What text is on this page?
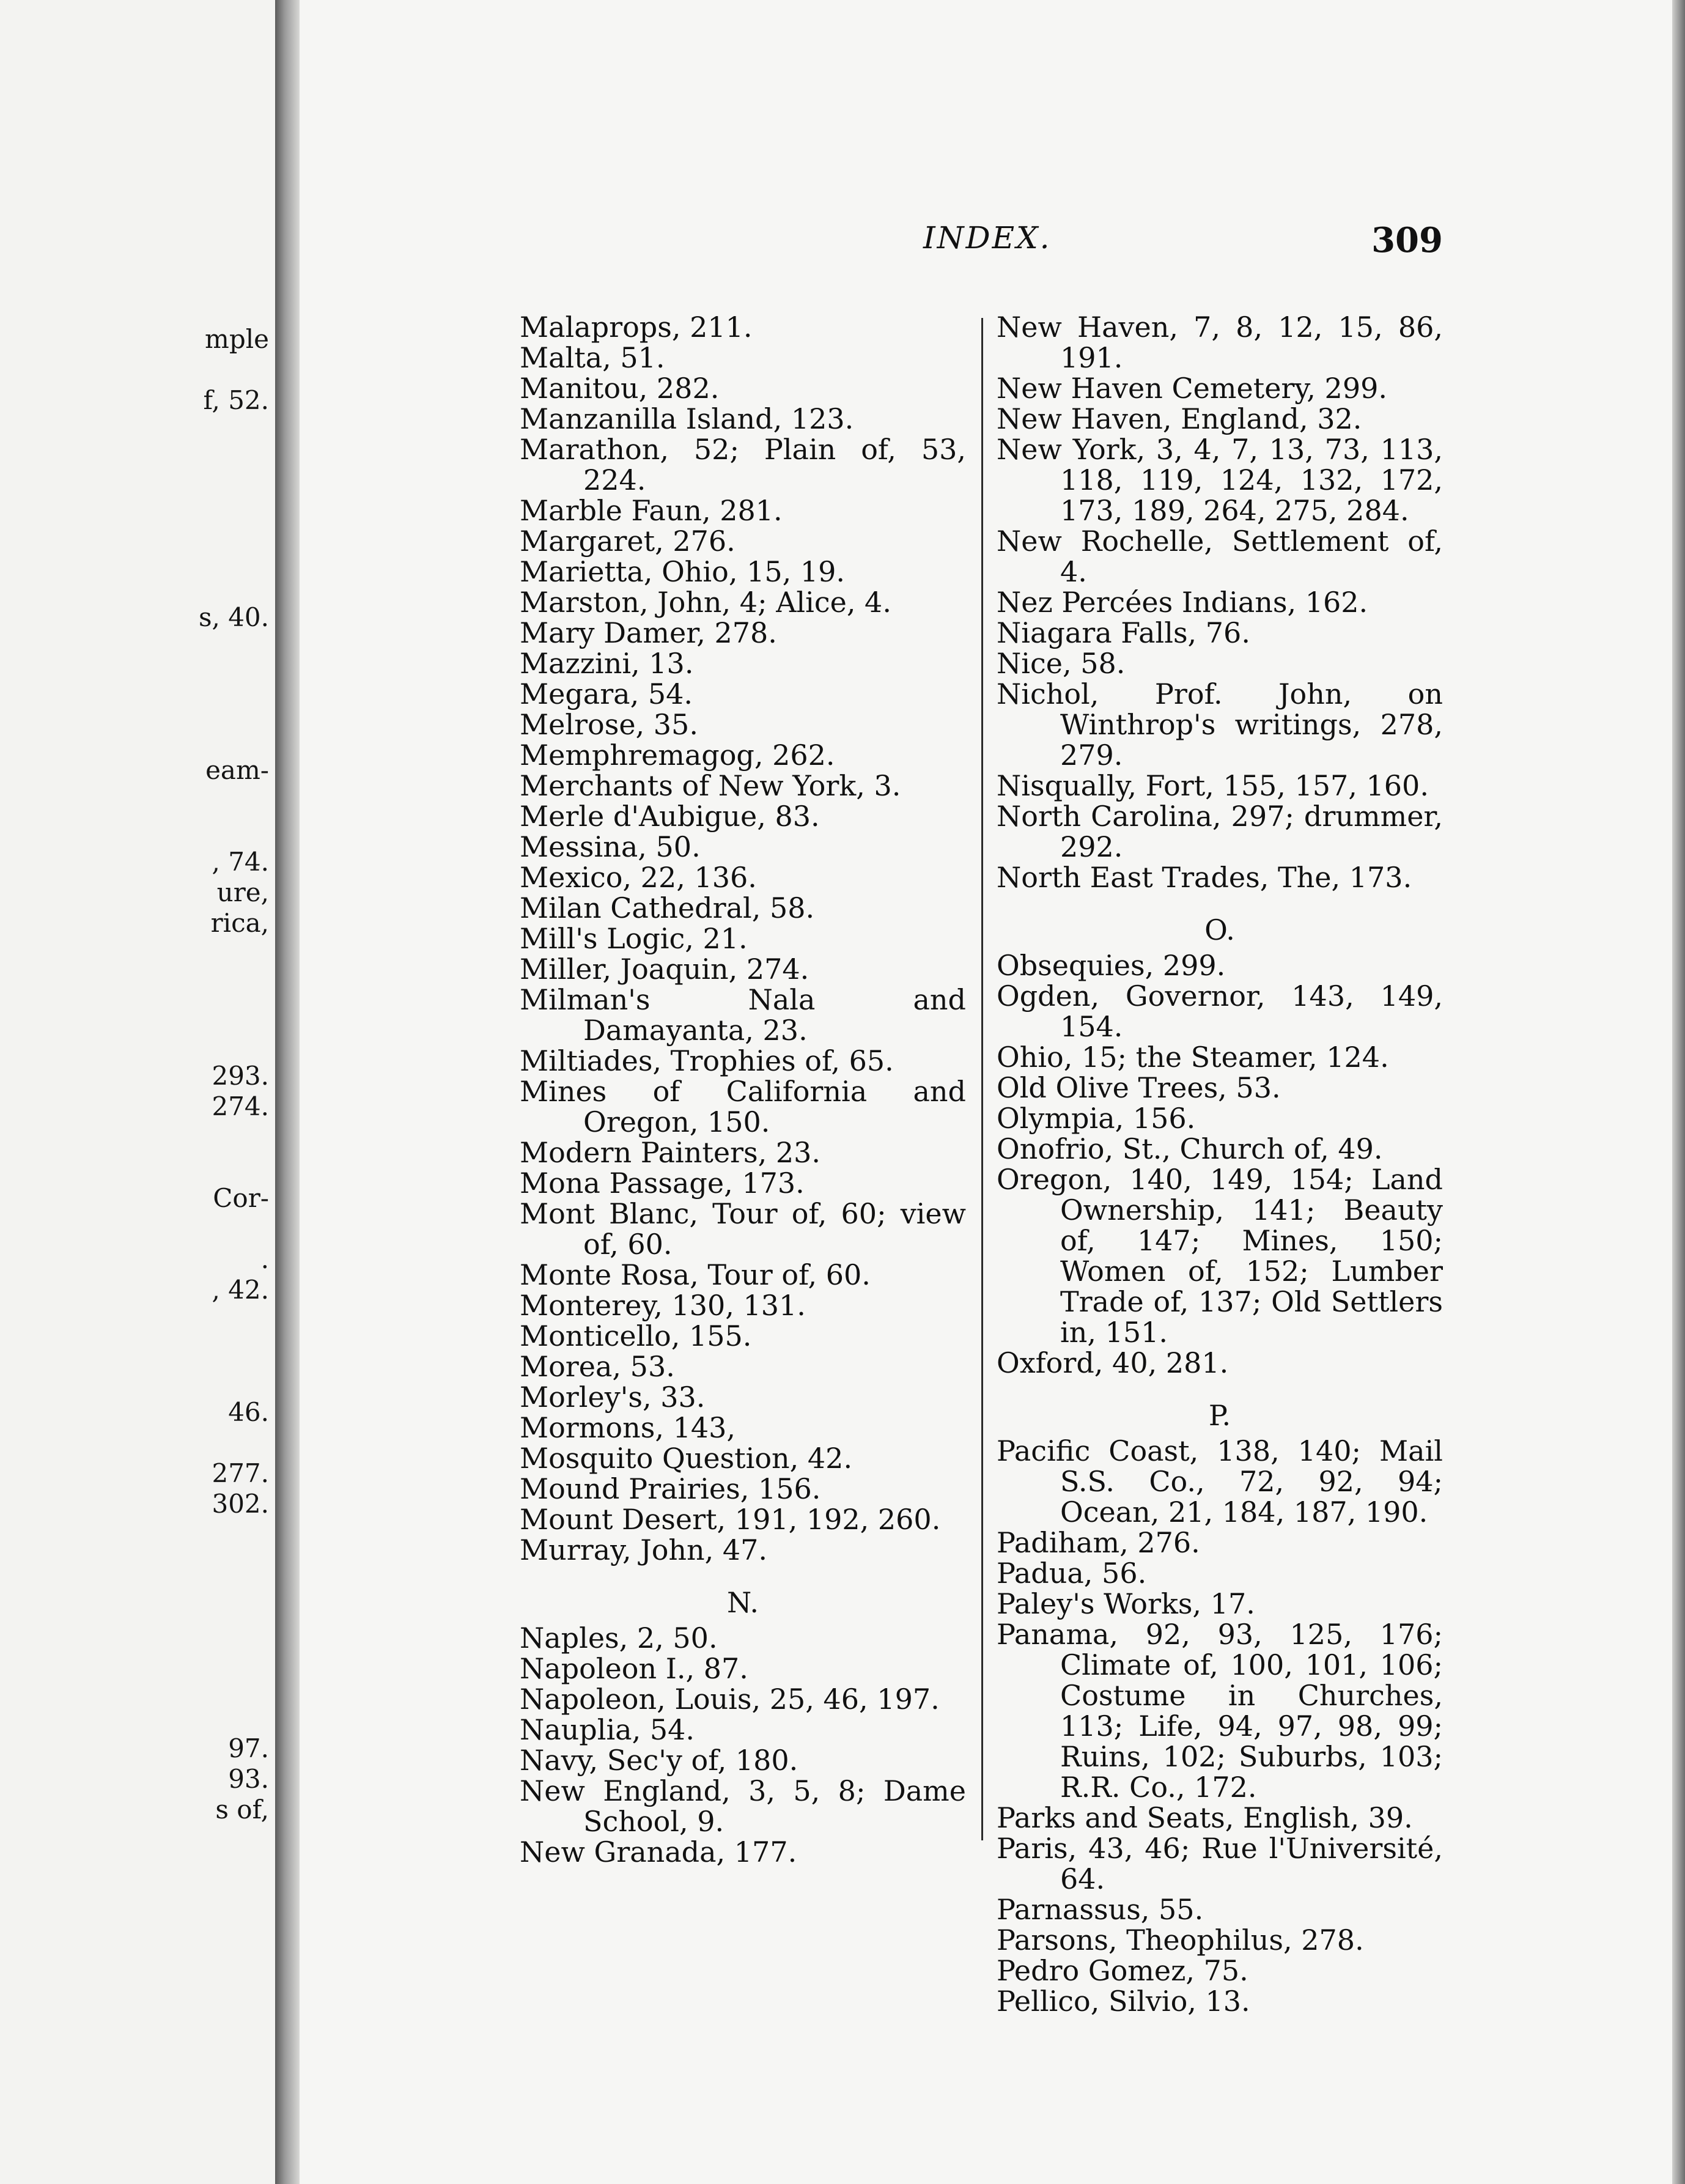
mple
f, 52.
s, 40.
eam-
, 74.
ure,
rica,
293.
274.
Cor-
.
, 42.
46.
277.
302.
97.
93.
s of,
INDEX.	309
Malaprops, 211.
Malta, 51.
Manitou, 282.
Manzanilla Island, 123.
Marathon, 52; Plain of, 53, 224.
Marble Faun, 281.
Margaret, 276.
Marietta, Ohio, 15, 19.
Marston, John, 4; Alice, 4.
Mary Damer, 278.
Mazzini, 13.
Megara, 54.
Melrose, 35.
Memphremagog, 262.
Merchants of New York, 3.
Merle d'Aubigue, 83.
Messina, 50.
Mexico, 22, 136.
Milan Cathedral, 58.
Mill's Logic, 21.
Miller, Joaquin, 274.
Milman's Nala and Damayanta, 23.
Miltiades, Trophies of, 65.
Mines of California and Oregon, 150.
Modern Painters, 23.
Mona Passage, 173.
Mont Blanc, Tour of, 60; view of, 60.
Monte Rosa, Tour of, 60.
Monterey, 130, 131.
Monticello, 155.
Morea, 53.
Morley's, 33.
Mormons, 143,
Mosquito Question, 42.
Mound Prairies, 156.
Mount Desert, 191, 192, 260.
Murray, John, 47.
N.
Naples, 2, 50.
Napoleon I., 87.
Napoleon, Louis, 25, 46, 197.
Nauplia, 54.
Navy, Sec'y of, 180.
New England, 3, 5, 8; Dame School, 9.
New Granada, 177.
New Haven, 7, 8, 12, 15, 86, 191.
New Haven Cemetery, 299.
New Haven, England, 32.
New York, 3, 4, 7, 13, 73, 113, 118, 119, 124, 132, 172, 173, 189, 264, 275, 284.
New Rochelle, Settlement of, 4.
Nez Percées Indians, 162.
Niagara Falls, 76.
Nice, 58.
Nichol, Prof. John, on Winthrop's writings, 278, 279.
Nisqually, Fort, 155, 157, 160.
North Carolina, 297; drummer, 292.
North East Trades, The, 173.
O.
Obsequies, 299.
Ogden, Governor, 143, 149, 154.
Ohio, 15; the Steamer, 124.
Old Olive Trees, 53.
Olympia, 156.
Onofrio, St., Church of, 49.
Oregon, 140, 149, 154; Land Ownership, 141; Beauty of, 147; Mines, 150; Women of, 152; Lumber Trade of, 137; Old Settlers in, 151.
Oxford, 40, 281.
P.
Pacific Coast, 138, 140; Mail S.S. Co., 72, 92, 94; Ocean, 21, 184, 187, 190.
Padiham, 276.
Padua, 56.
Paley's Works, 17.
Panama, 92, 93, 125, 176; Climate of, 100, 101, 106; Costume in Churches, 113; Life, 94, 97, 98, 99; Ruins, 102; Suburbs, 103; R.R. Co., 172.
Parks and Seats, English, 39.
Paris, 43, 46; Rue l'Université, 64.
Parnassus, 55.
Parsons, Theophilus, 278.
Pedro Gomez, 75.
Pellico, Silvio, 13.
